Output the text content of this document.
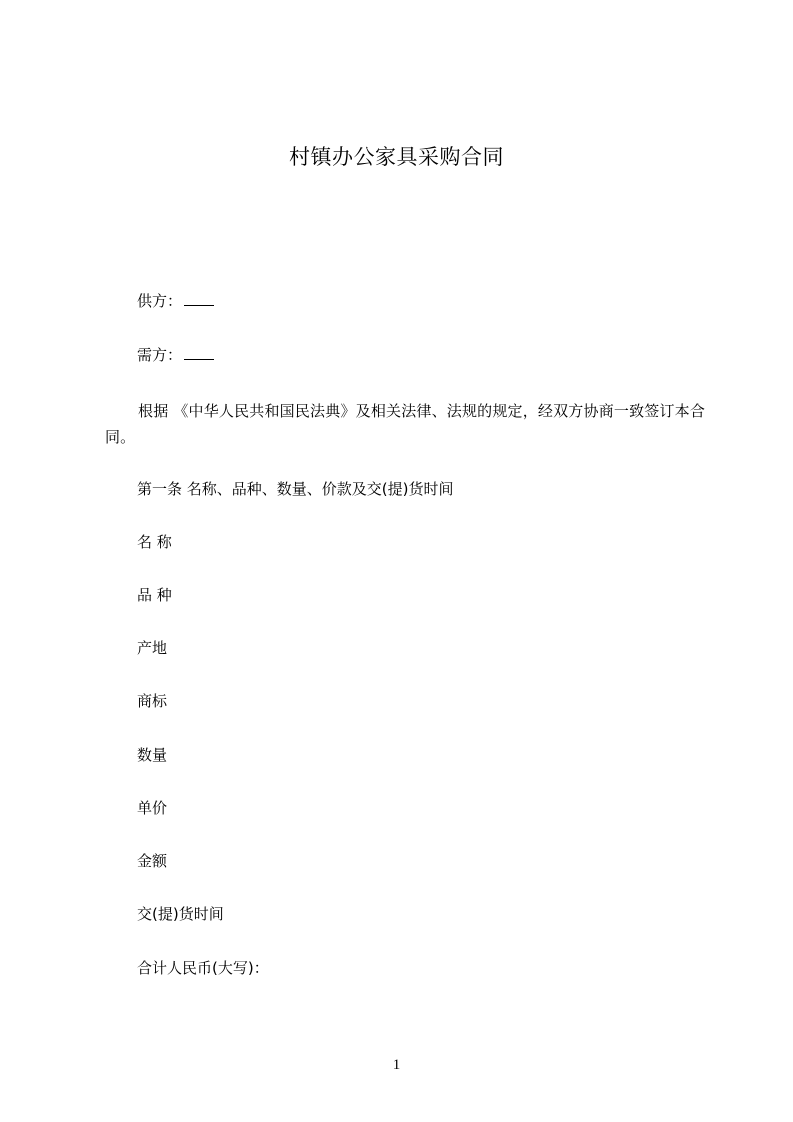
村镇办公家具采购合同
供方：
需方：
根据 《中华人民共和国民法典》及相关法律、法规的规定，经双方协商一致签订本合同。
第一条 名称、品种、数量、价款及交(提)货时间
名 称
品 种
产地
商标
数量
单价
金额
交(提)货时间
合计人民币(大写)：
1
